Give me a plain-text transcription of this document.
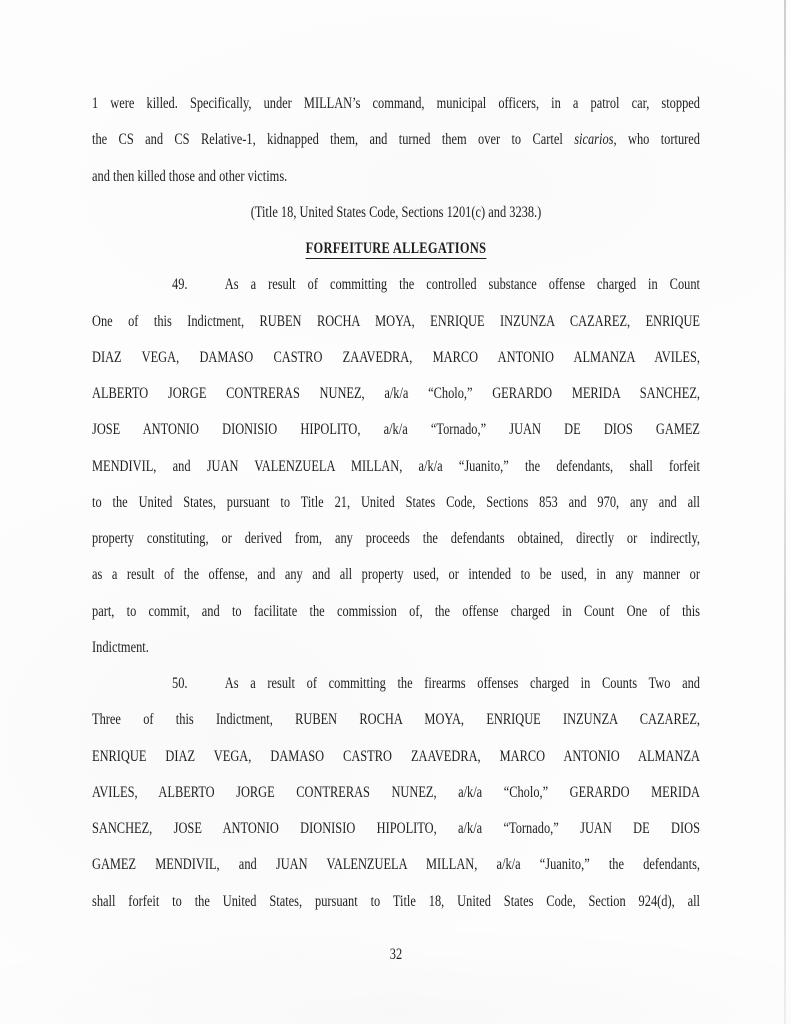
1 were killed. Specifically, under MILLAN’s command, municipal officers, in a patrol car, stopped
the CS and CS Relative-1, kidnapped them, and turned them over to Cartel sicarios, who tortured
and then killed those and other victims.
(Title 18, United States Code, Sections 1201(c) and 3238.)
FORFEITURE ALLEGATIONS
49. As a result of committing the controlled substance offense charged in Count
One of this Indictment, RUBEN ROCHA MOYA, ENRIQUE INZUNZA CAZAREZ, ENRIQUE
DIAZ VEGA, DAMASO CASTRO ZAAVEDRA, MARCO ANTONIO ALMANZA AVILES,
ALBERTO JORGE CONTRERAS NUNEZ, a/k/a “Cholo,” GERARDO MERIDA SANCHEZ,
JOSE ANTONIO DIONISIO HIPOLITO, a/k/a “Tornado,” JUAN DE DIOS GAMEZ
MENDIVIL, and JUAN VALENZUELA MILLAN, a/k/a “Juanito,” the defendants, shall forfeit
to the United States, pursuant to Title 21, United States Code, Sections 853 and 970, any and all
property constituting, or derived from, any proceeds the defendants obtained, directly or indirectly,
as a result of the offense, and any and all property used, or intended to be used, in any manner or
part, to commit, and to facilitate the commission of, the offense charged in Count One of this
Indictment.
50. As a result of committing the firearms offenses charged in Counts Two and
Three of this Indictment, RUBEN ROCHA MOYA, ENRIQUE INZUNZA CAZAREZ,
ENRIQUE DIAZ VEGA, DAMASO CASTRO ZAAVEDRA, MARCO ANTONIO ALMANZA
AVILES, ALBERTO JORGE CONTRERAS NUNEZ, a/k/a “Cholo,” GERARDO MERIDA
SANCHEZ, JOSE ANTONIO DIONISIO HIPOLITO, a/k/a “Tornado,” JUAN DE DIOS
GAMEZ MENDIVIL, and JUAN VALENZUELA MILLAN, a/k/a “Juanito,” the defendants,
shall forfeit to the United States, pursuant to Title 18, United States Code, Section 924(d), all
32
